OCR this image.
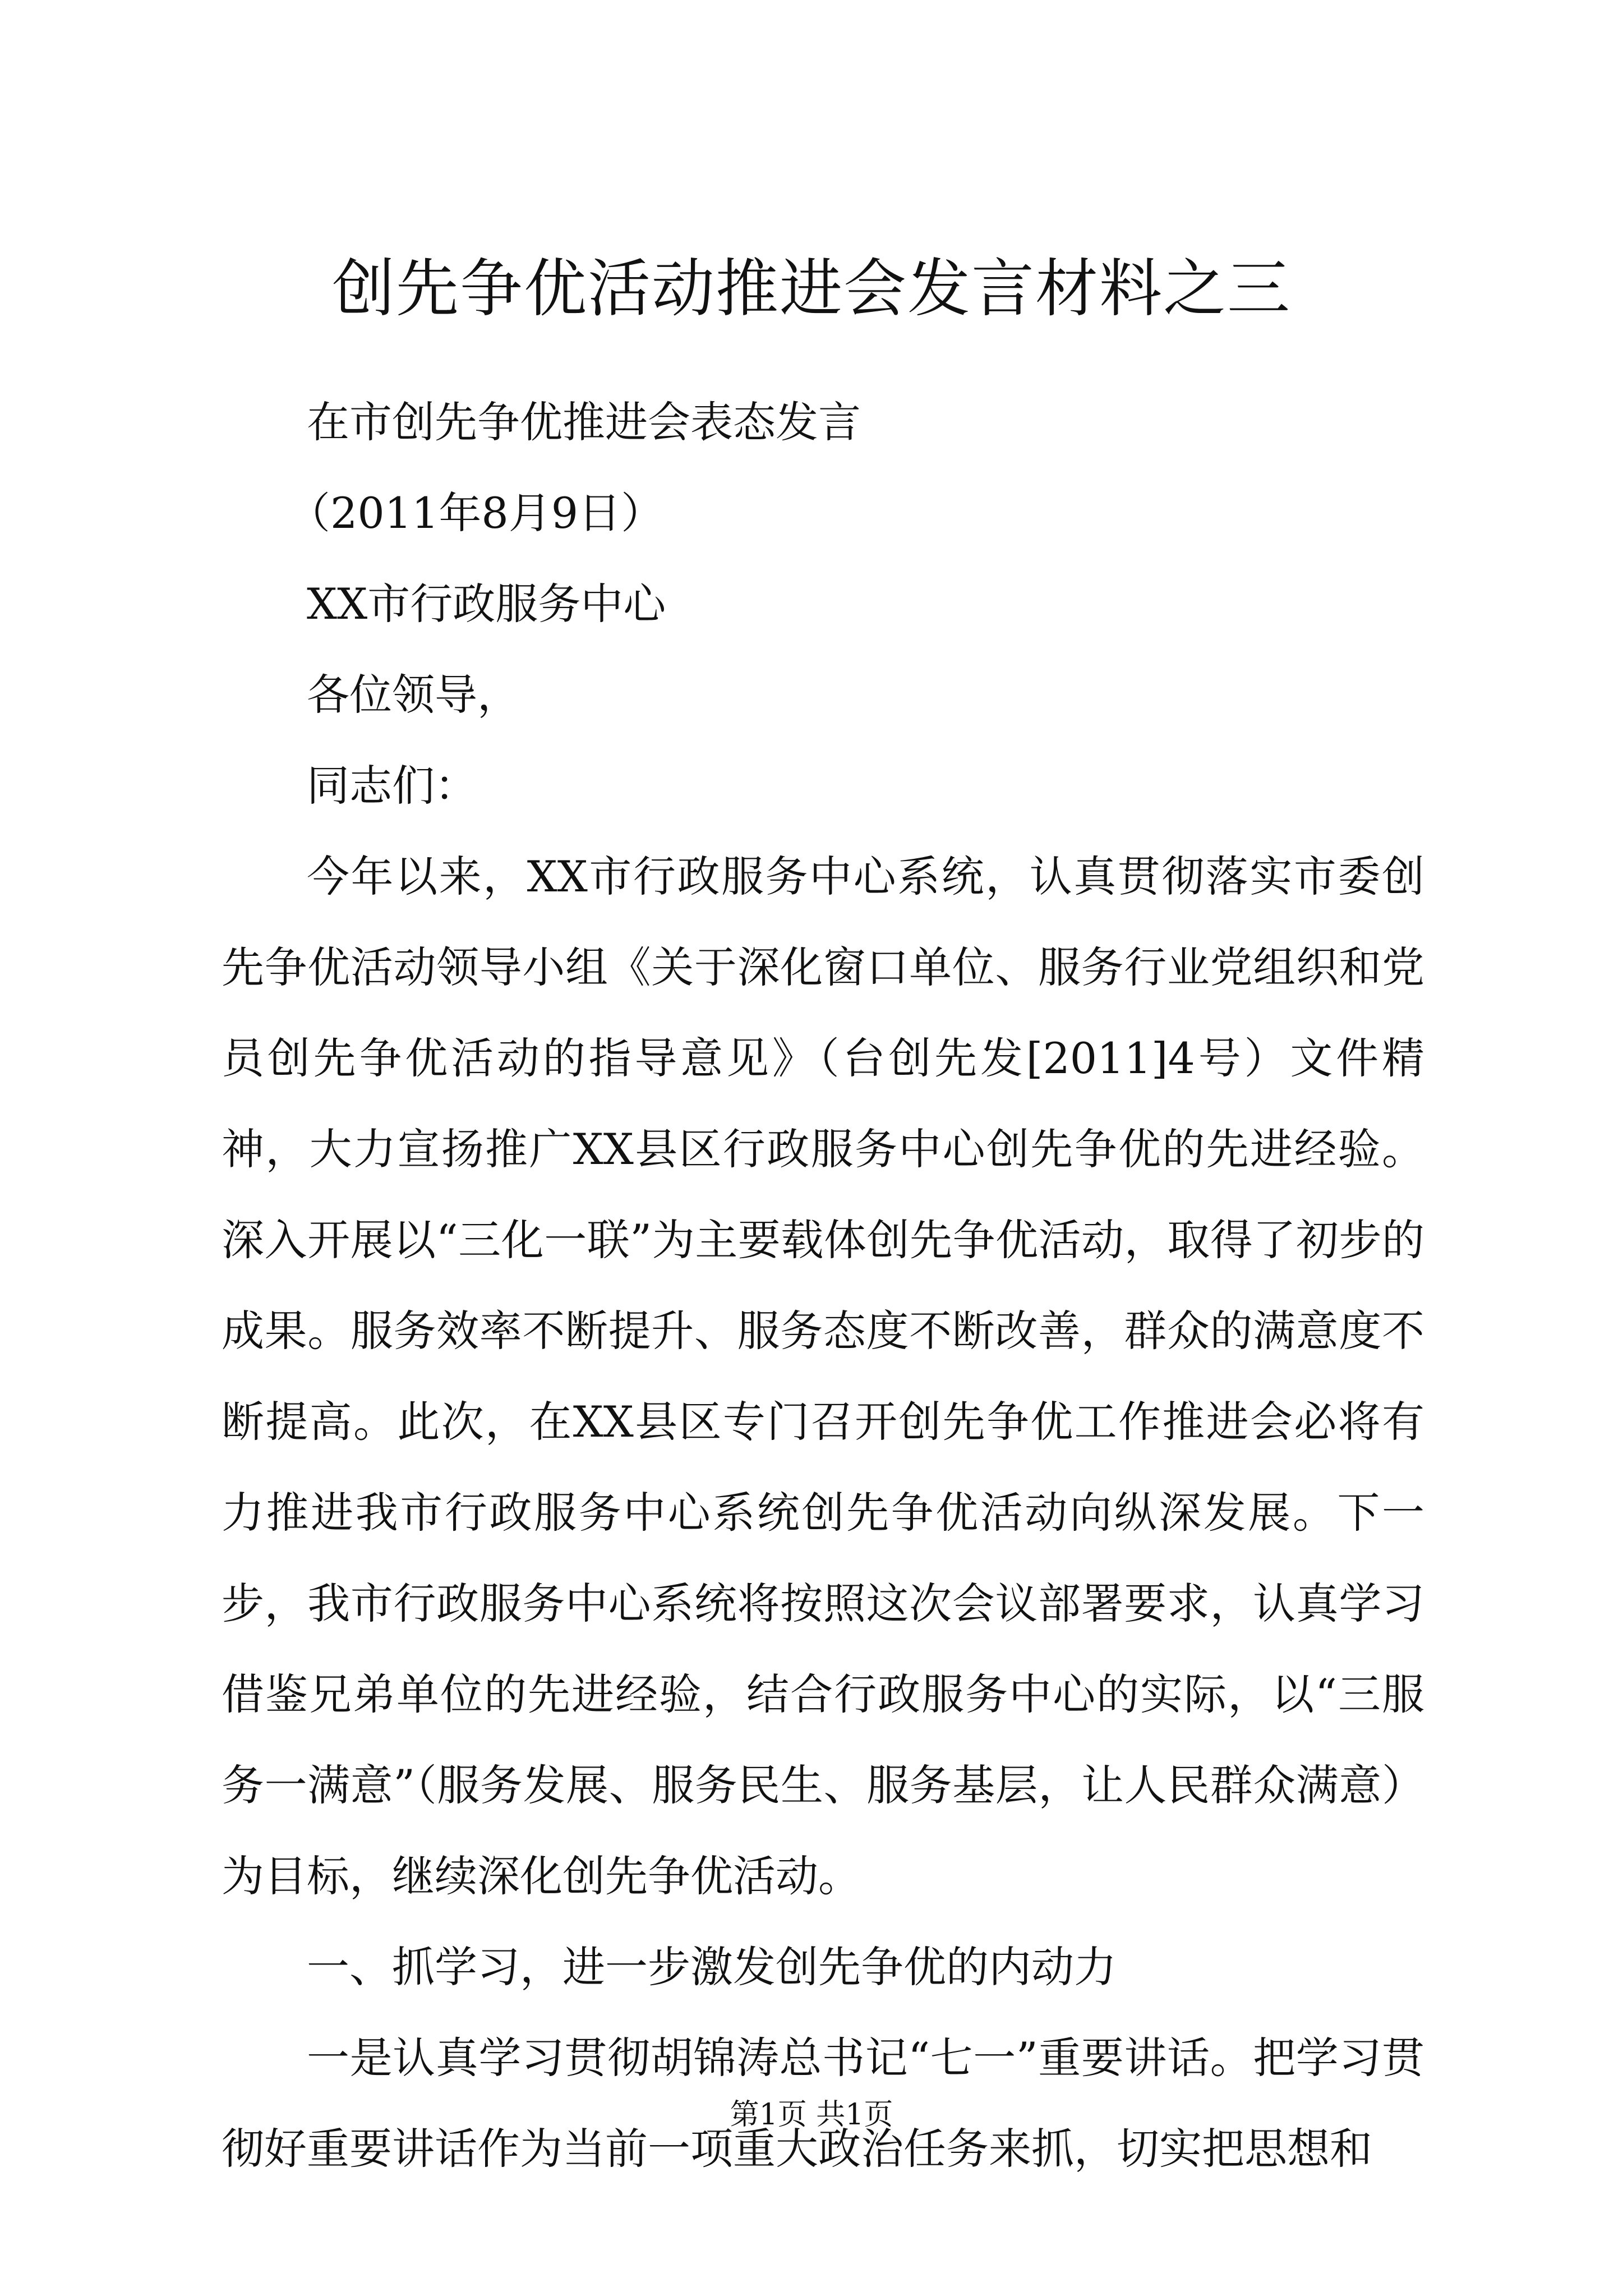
创先争优活动推进会发言材料之三

在市创先争优推进会表态发言

（2011年8月9日）

XX市行政服务中心

各位领导，

同志们：

今年以来，XX市行政服务中心系统，认真贯彻落实市委创先争优活动领导小组《关于深化窗口单位、服务行业党组织和党员创先争优活动的指导意见》（台创先发[2011]4号）文件精神，大力宣扬推广XX县区行政服务中心创先争优的先进经验。深入开展以“三化一联”为主要载体创先争优活动，取得了初步的成果。服务效率不断提升、服务态度不断改善，群众的满意度不断提高。此次，在XX县区专门召开创先争优工作推进会必将有力推进我市行政服务中心系统创先争优活动向纵深发展。下一步，我市行政服务中心系统将按照这次会议部署要求，认真学习借鉴兄弟单位的先进经验，结合行政服务中心的实际，以“三服务一满意”（服务发展、服务民生、服务基层，让人民群众满意）为目标，继续深化创先争优活动。

一、抓学习，进一步激发创先争优的内动力

一是认真学习贯彻胡锦涛总书记“七一”重要讲话。把学习贯彻好重要讲话作为当前一项重大政治任务来抓，切实把思想和

第1页 共1页
